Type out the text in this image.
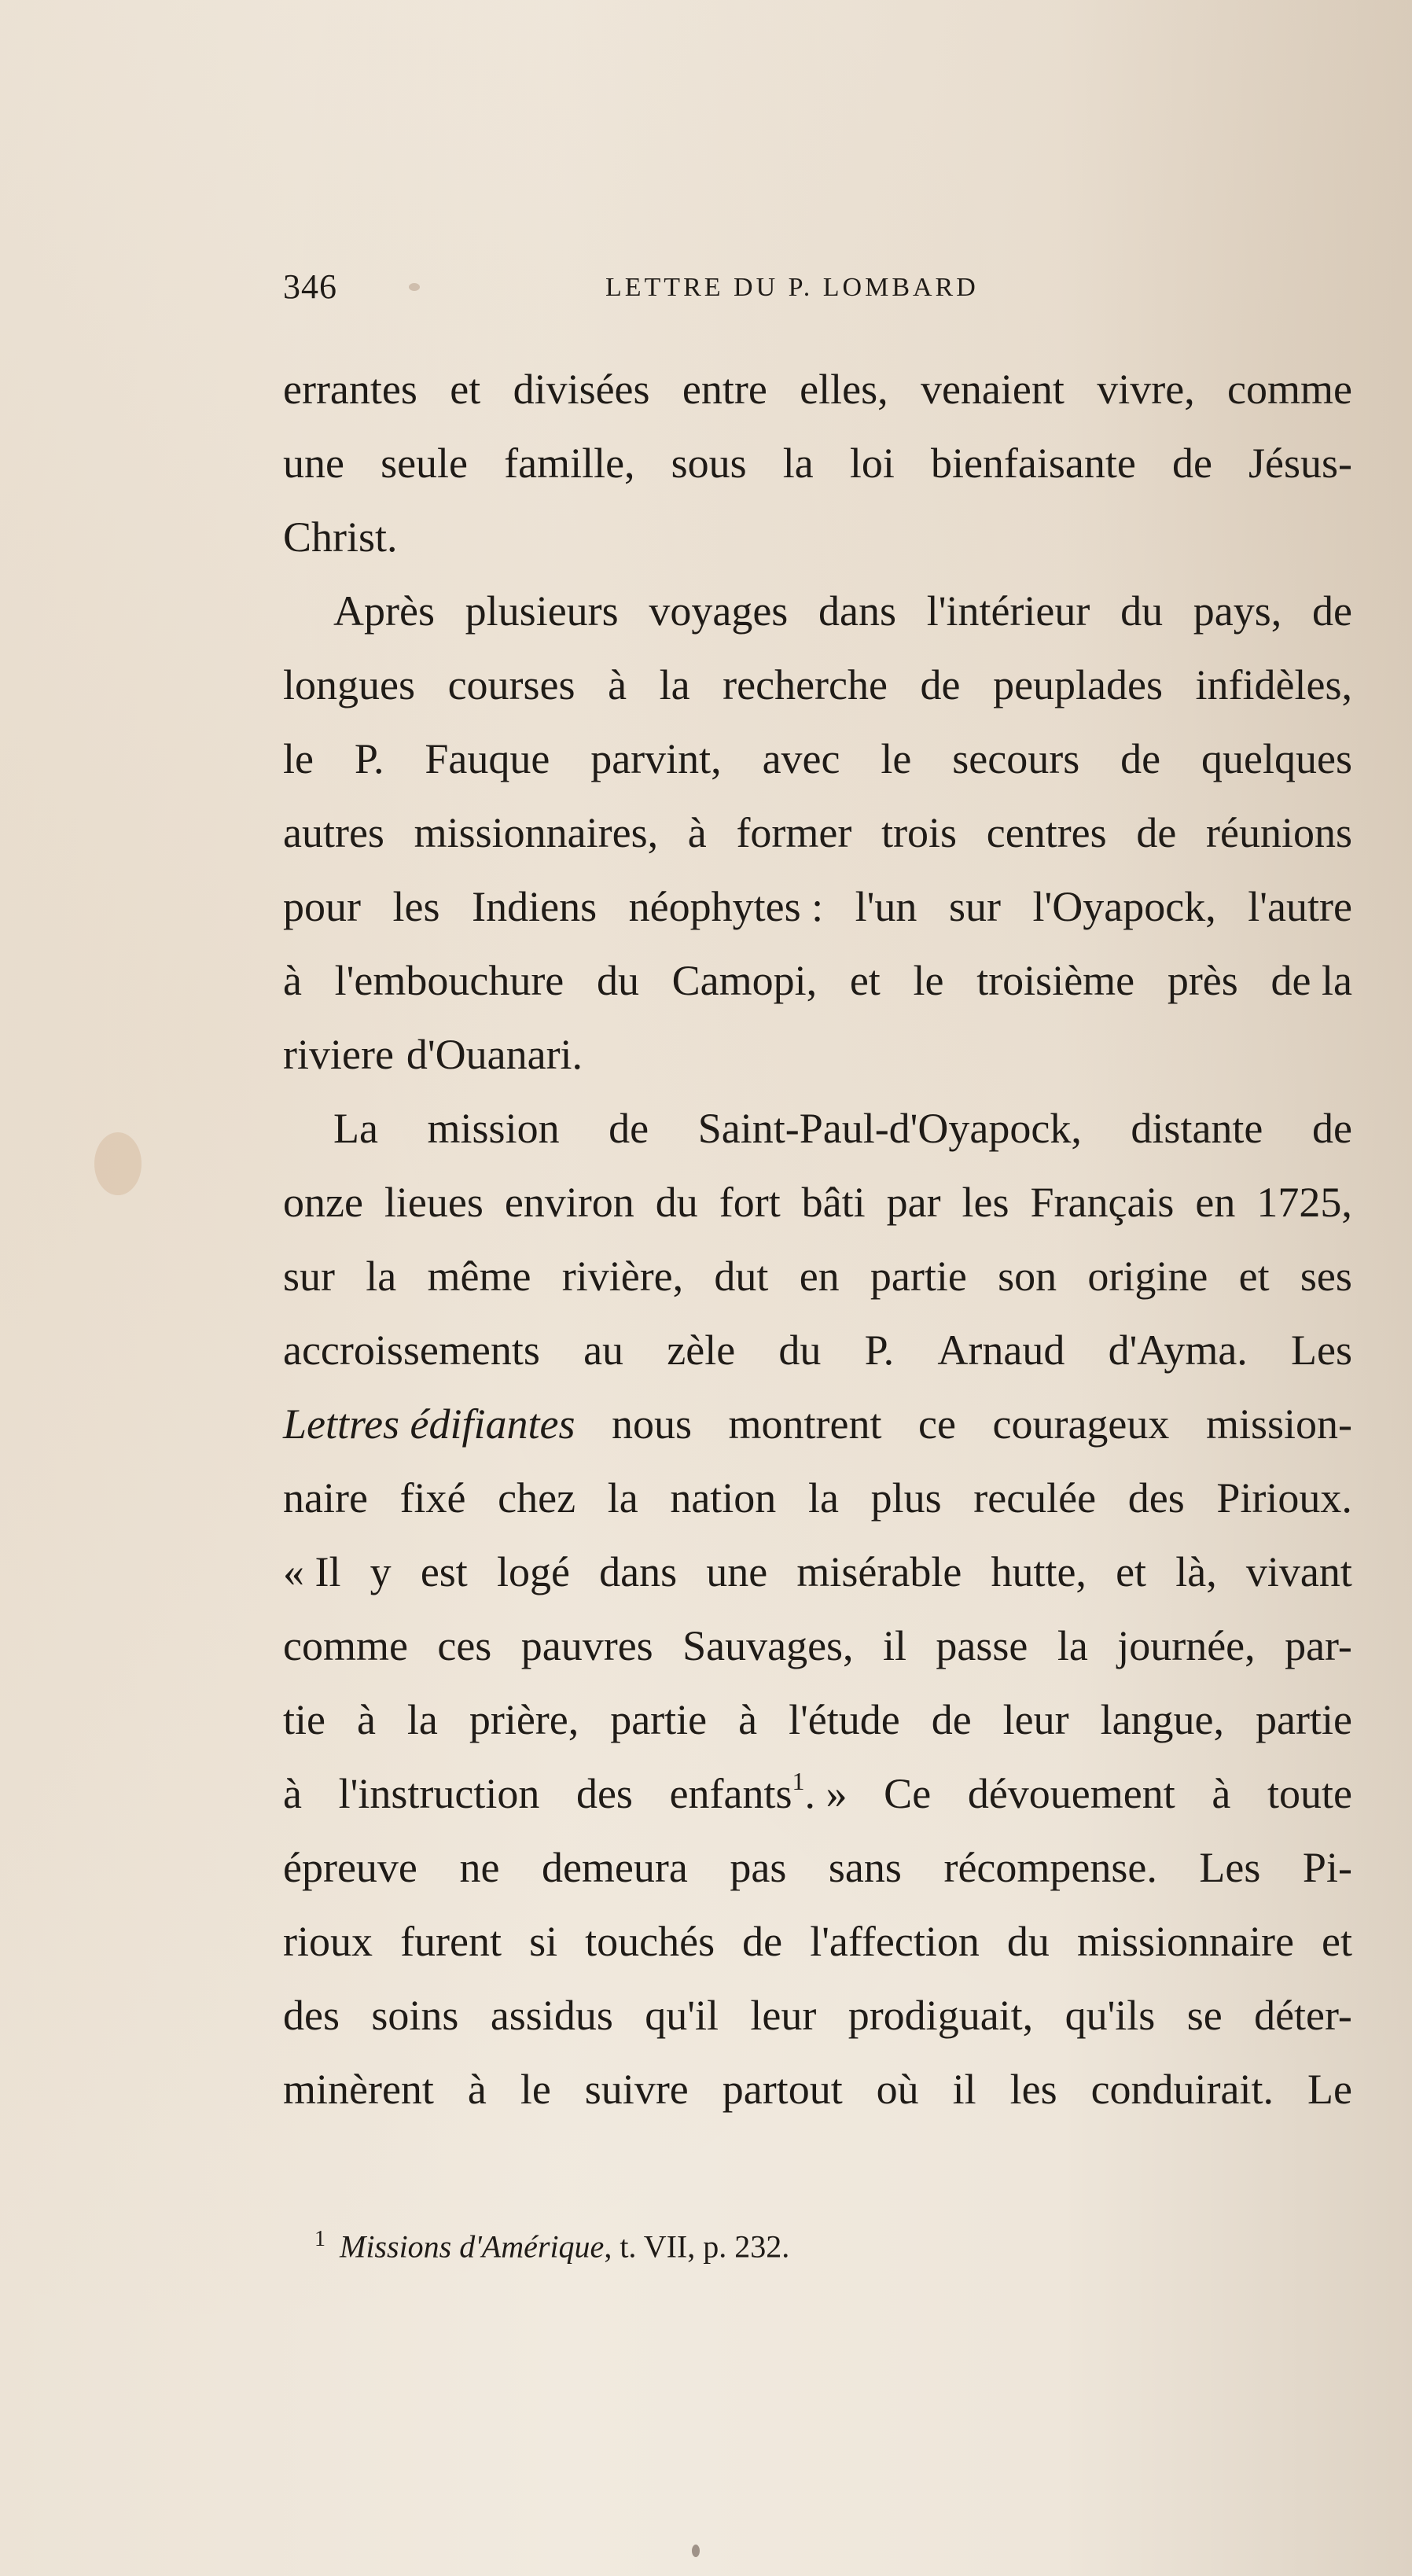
346	LETTRE DU P. LOMBARD
errantes et divisées entre elles, venaient vivre, comme
une seule famille, sous la loi bienfaisante de Jésus-
Christ.
Après plusieurs voyages dans l'intérieur du pays, de
longues courses à la recherche de peuplades infidèles,
le P. Fauque parvint, avec le secours de quelques
autres missionnaires, à former trois centres de réunions
pour les Indiens néophytes : l'un sur l'Oyapock, l'autre
à l'embouchure du Camopi, et le troisième près de la
riviere d'Ouanari.
La mission de Saint-Paul-d'Oyapock, distante de
onze lieues environ du fort bâti par les Français en 1725,
sur la même rivière, dut en partie son origine et ses
accroissements au zèle du P. Arnaud d'Ayma. Les
Lettres édifiantes nous montrent ce courageux mission-
naire fixé chez la nation la plus reculée des Pirioux.
« Il y est logé dans une misérable hutte, et là, vivant
comme ces pauvres Sauvages, il passe la journée, par-
tie à la prière, partie à l'étude de leur langue, partie
à l'instruction des enfants$^1$. » Ce dévouement à toute
épreuve ne demeura pas sans récompense. Les Pi-
rioux furent si touchés de l'affection du missionnaire et
des soins assidus qu'il leur prodiguait, qu'ils se déter-
minèrent à le suivre partout où il les conduirait. Le
$^1$ Missions d'Amérique, t. VII, p. 232.
